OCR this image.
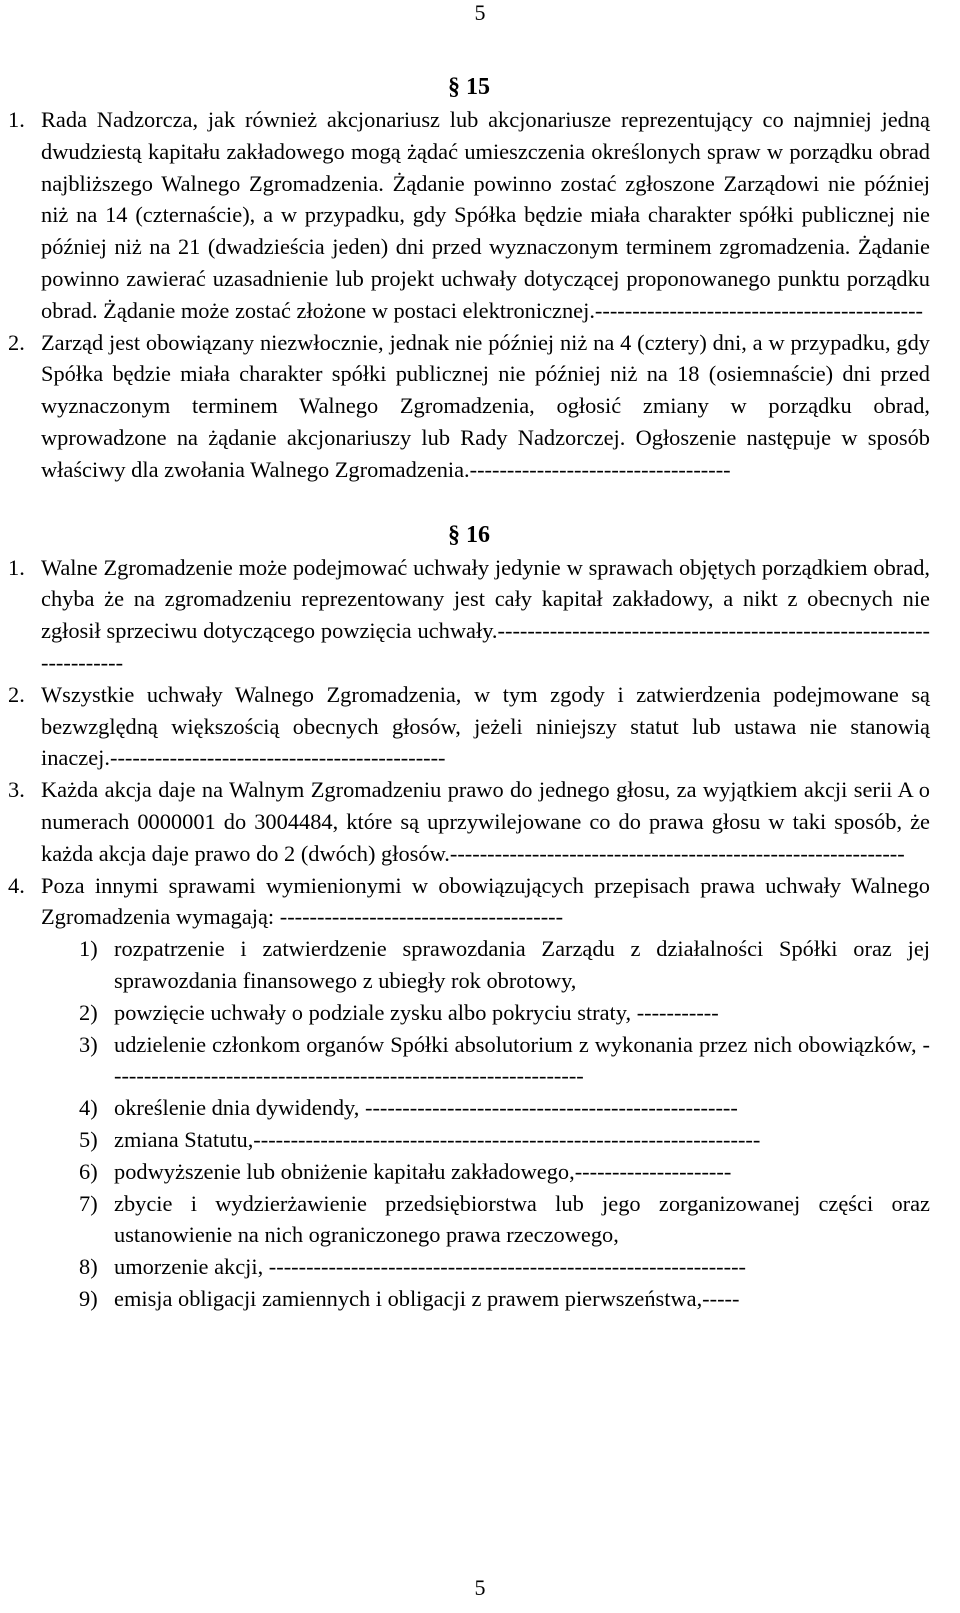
5
§ 15
1. Rada Nadzorcza, jak również akcjonariusz lub akcjonariusze reprezentujący co najmniej jedną dwudziestą kapitału zakładowego mogą żądać umieszczenia określonych spraw w porządku obrad najbliższego Walnego Zgromadzenia. Żądanie powinno zostać zgłoszone Zarządowi nie później niż na 14 (czternaście), a w przypadku, gdy Spółka będzie miała charakter spółki publicznej nie później niż na 21 (dwadzieścia jeden) dni przed wyznaczonym terminem zgromadzenia. Żądanie powinno zawierać uzasadnienie lub projekt uchwały dotyczącej proponowanego punktu porządku obrad. Żądanie może zostać złożone w postaci elektronicznej.--------------------------------------------
2. Zarząd jest obowiązany niezwłocznie, jednak nie później niż na 4 (cztery) dni, a w przypadku, gdy Spółka będzie miała charakter spółki publicznej nie później niż na 18 (osiemnaście) dni przed wyznaczonym terminem Walnego Zgromadzenia, ogłosić zmiany w porządku obrad, wprowadzone na żądanie akcjonariuszy lub Rady Nadzorczej. Ogłoszenie następuje w sposób właściwy dla zwołania Walnego Zgromadzenia.-----------------------------------
§ 16
1. Walne Zgromadzenie może podejmować uchwały jedynie w sprawach objętych porządkiem obrad, chyba że na zgromadzeniu reprezentowany jest cały kapitał zakładowy, a nikt z obecnych nie zgłosił sprzeciwu dotyczącego powzięcia uchwały.---------------------------------------------------------------------
2. Wszystkie uchwały Walnego Zgromadzenia, w tym zgody i zatwierdzenia podejmowane są bezwzględną większością obecnych głosów, jeżeli niniejszy statut lub ustawa nie stanowią inaczej.---------------------------------------------
3. Każda akcja daje na Walnym Zgromadzeniu prawo do jednego głosu, za wyjątkiem akcji serii A o numerach 0000001 do 3004484, które są uprzywilejowane co do prawa głosu w taki sposób, że każda akcja daje prawo do 2 (dwóch) głosów.-------------------------------------------------------------
4. Poza innymi sprawami wymienionymi w obowiązujących przepisach prawa uchwały Walnego Zgromadzenia wymagają: --------------------------------------
1) rozpatrzenie i zatwierdzenie sprawozdania Zarządu z działalności Spółki oraz jej sprawozdania finansowego z ubiegły rok obrotowy,
2) powzięcie uchwały o podziale zysku albo pokryciu straty, -----------
3) udzielenie członkom organów Spółki absolutorium z wykonania przez nich obowiązków, ----------------------------------------------------------------
4) określenie dnia dywidendy, --------------------------------------------------
5) zmiana Statutu,--------------------------------------------------------------------
6) podwyższenie lub obniżenie kapitału zakładowego,---------------------
7) zbycie i wydzierżawienie przedsiębiorstwa lub jego zorganizowanej części oraz ustanowienie na nich ograniczonego prawa rzeczowego,
8) umorzenie akcji, ----------------------------------------------------------------
9) emisja obligacji zamiennych i obligacji z prawem pierwszeństwa,-----
5
